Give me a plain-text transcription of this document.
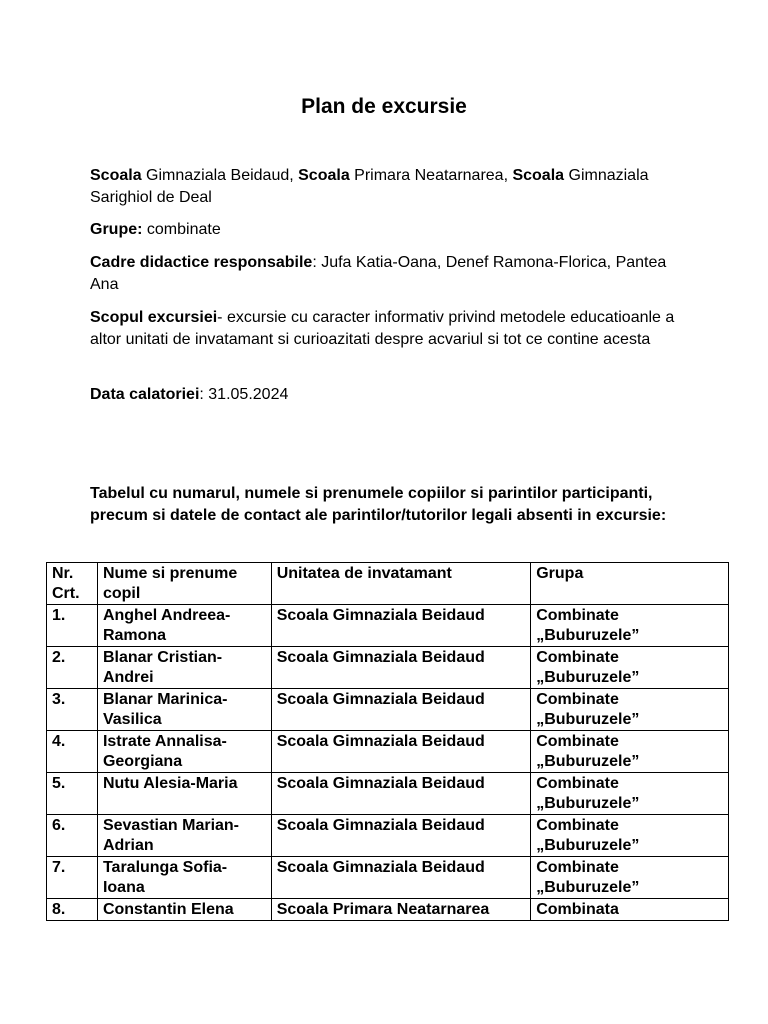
Plan de excursie

Scoala Gimnaziala Beidaud, Scoala Primara Neatarnarea, Scoala Gimnaziala Sarighiol de Deal

Grupe: combinate

Cadre didactice responsabile: Jufa Katia-Oana, Denef Ramona-Florica, Pantea Ana

Scopul excursiei- excursie cu caracter informativ privind metodele educatioanle a altor unitati de invatamant si curioazitati despre acvariul si tot ce contine acesta

Data calatoriei: 31.05.2024

Tabelul cu numarul, numele si prenumele copiilor si parintilor participanti, precum si datele de contact ale parintilor/tutorilor legali absenti in excursie:

Nr. Crt.	Nume si prenume copil	Unitatea de invatamant	Grupa
1.	Anghel Andreea-Ramona	Scoala Gimnaziala Beidaud	Combinate „Buburuzele”
2.	Blanar Cristian-Andrei	Scoala Gimnaziala Beidaud	Combinate „Buburuzele”
3.	Blanar Marinica-Vasilica	Scoala Gimnaziala Beidaud	Combinate „Buburuzele”
4.	Istrate Annalisa-Georgiana	Scoala Gimnaziala Beidaud	Combinate „Buburuzele”
5.	Nutu Alesia-Maria	Scoala Gimnaziala Beidaud	Combinate „Buburuzele”
6.	Sevastian Marian-Adrian	Scoala Gimnaziala Beidaud	Combinate „Buburuzele”
7.	Taralunga Sofia-Ioana	Scoala Gimnaziala Beidaud	Combinate „Buburuzele”
8.	Constantin Elena	Scoala Primara Neatarnarea	Combinata
